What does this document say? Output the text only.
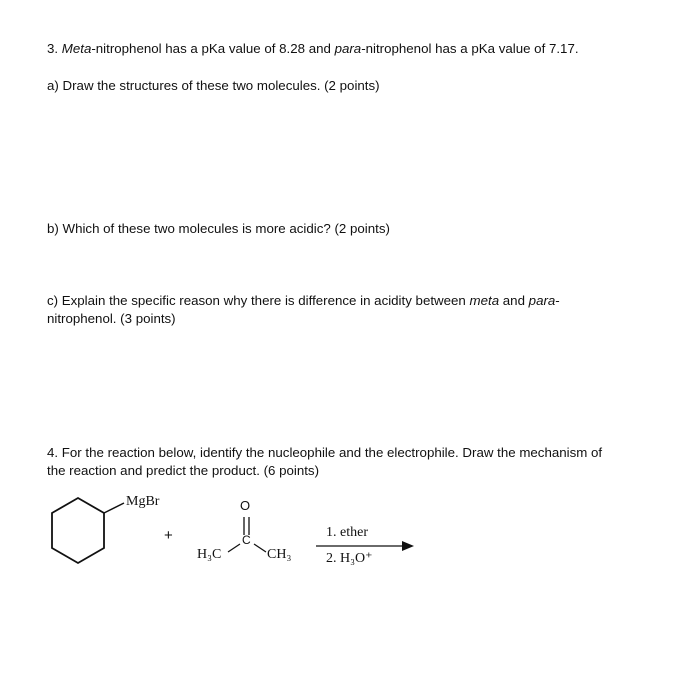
3. Meta-nitrophenol has a pKa value of 8.28 and para-nitrophenol has a pKa value of 7.17.
a) Draw the structures of these two molecules. (2 points)
b) Which of these two molecules is more acidic? (2 points)
c) Explain the specific reason why there is difference in acidity between meta and para-
nitrophenol. (3 points)
4. For the reaction below, identify the nucleophile and the electrophile. Draw the mechanism of
the reaction and predict the product. (6 points)
MgBr
+
O
C
H₃C	CH₃
1. ether
2. H₃O⁺
